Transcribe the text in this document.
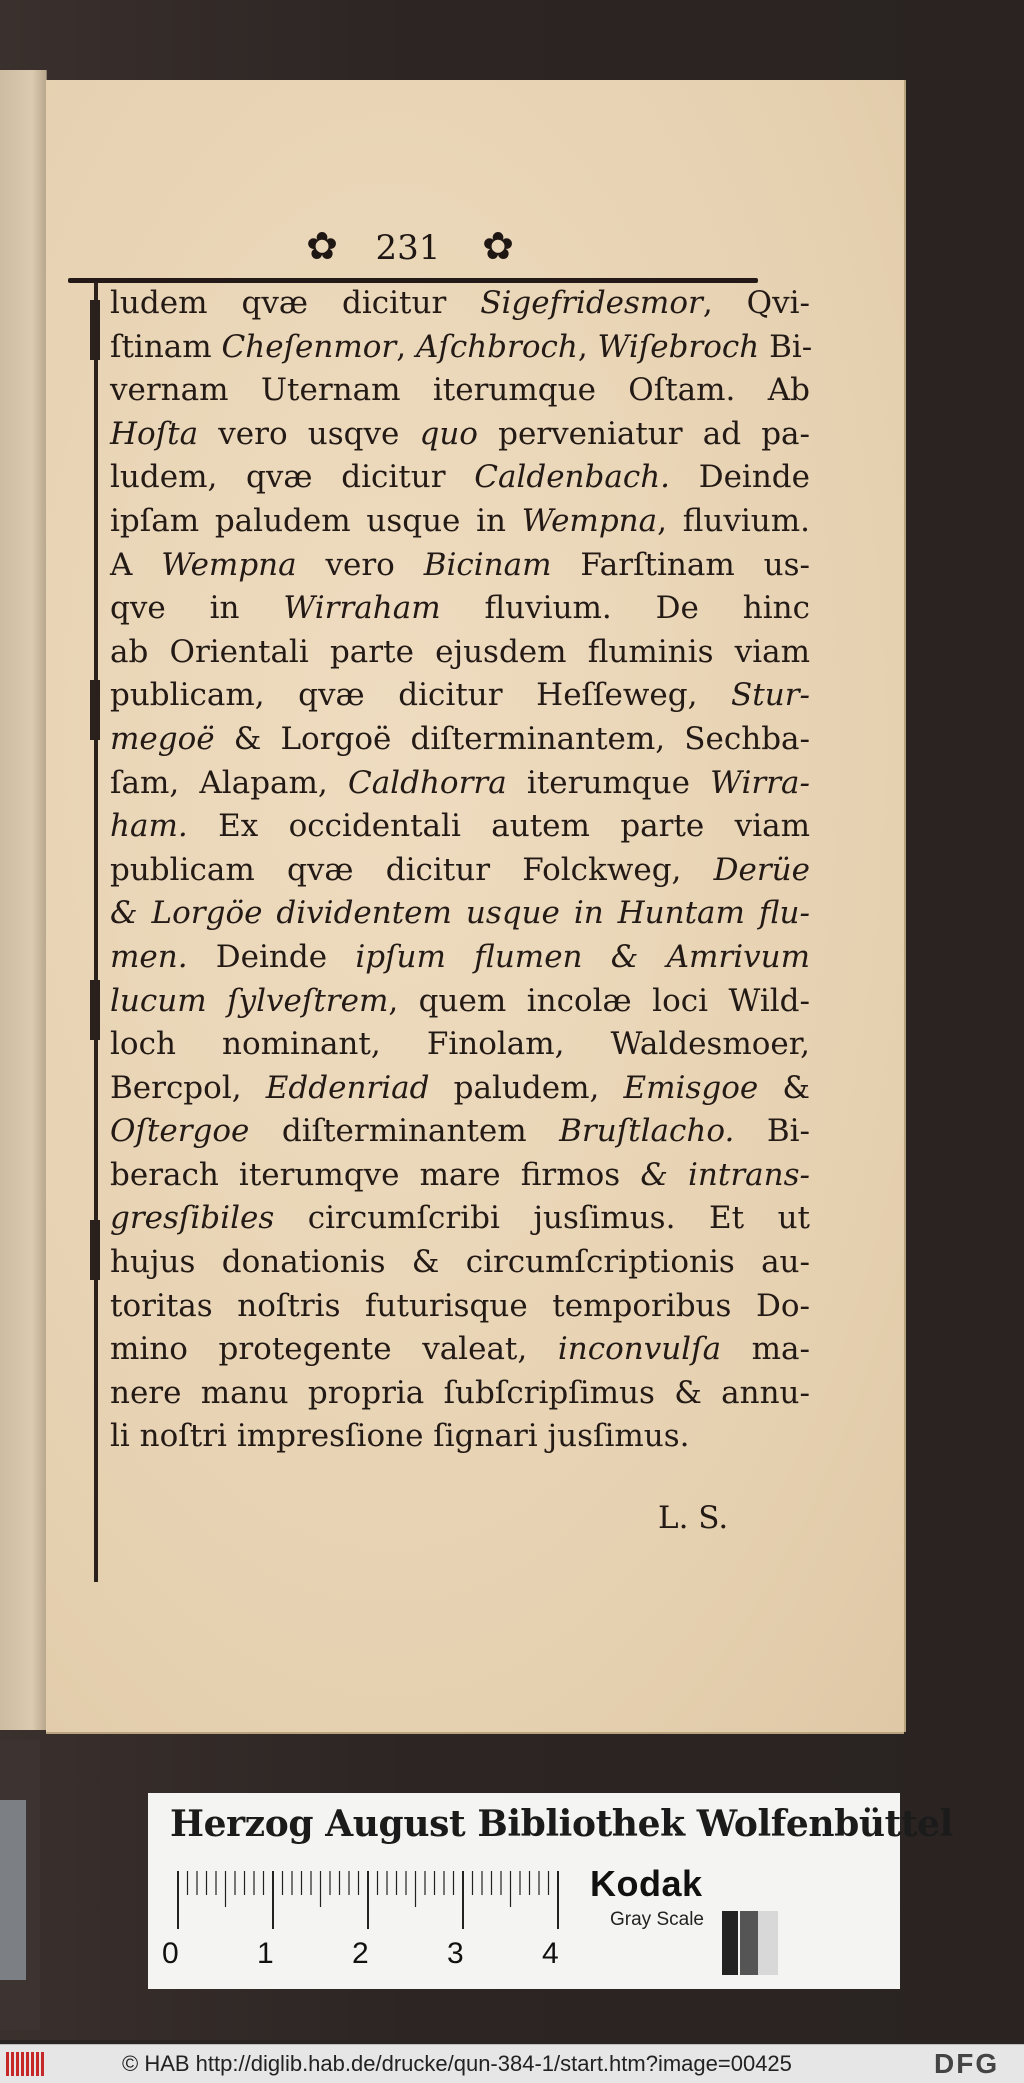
✿	231	✿
ludem qvæ dicitur Sigefridesmor, Qvi-
ſtinam Cheſenmor, Aſchbroch, Wiſebroch Bi-
vernam Uternam iterumque Oſtam. Ab
Hoſta vero usqve quo perveniatur ad pa-
ludem, qvæ dicitur Caldenbach. Deinde
ipſam paludem usque in Wempna, fluvium.
A Wempna vero Bicinam Farſtinam us-
qve in Wirraham fluvium. De hinc
ab Orientali parte ejusdem fluminis viam
publicam, qvæ dicitur Heſſeweg, Stur-
megoë & Lorgoë diſterminantem, Sechba-
ſam, Alapam, Caldhorra iterumque Wirra-
ham. Ex occidentali autem parte viam
publicam qvæ dicitur Folckweg, Derüe
& Lorgöe dividentem usque in Huntam flu-
men. Deinde ipſum flumen & Amrivum
lucum ſylveſtrem, quem incolæ loci Wild-
loch nominant, Finolam, Waldesmoer,
Bercpol, Eddenriad paludem, Emisgoe &
Oſtergoe diſterminantem Bruſtlacho. Bi-
berach iterumqve mare firmos & intrans-
gresſibiles circumſcribi jusſimus. Et ut
hujus donationis & circumſcriptionis au-
toritas noſtris futurisque temporibus Do-
mino protegente valeat, inconvulſa ma-
nere manu propria ſubſcripſimus & annu-
li noſtri impresſione ſignari jusſimus.
L. S.
Herzog August Bibliothek Wolfenbüttel
0	1	2	3	4
Kodak
Gray Scale
© HAB http://diglib.hab.de/drucke/qun-384-1/start.htm?image=00425	DFG
